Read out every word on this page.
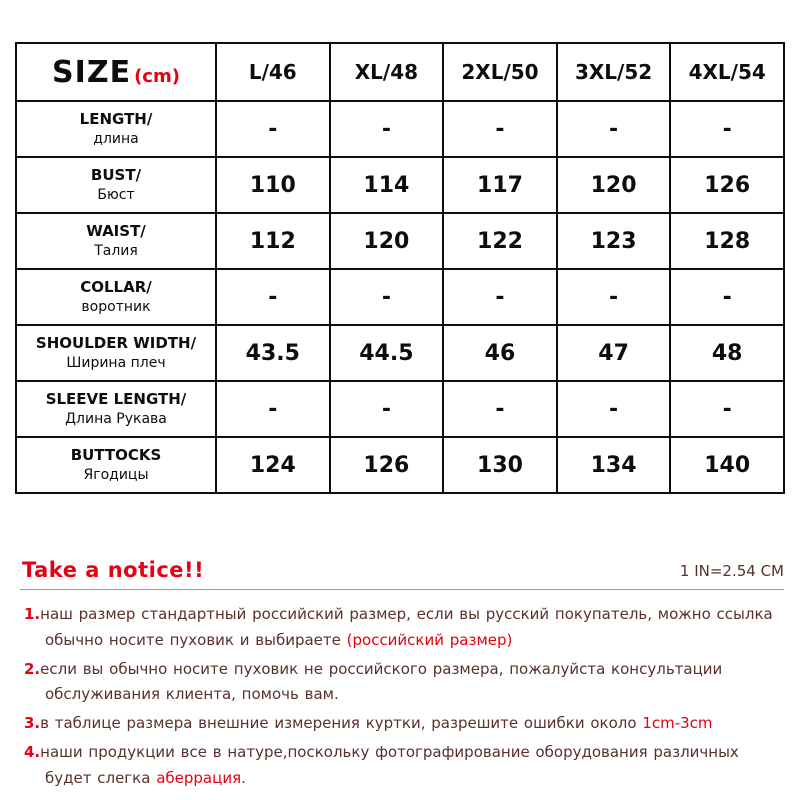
SIZE (cm)	L/46	XL/48	2XL/50	3XL/52	4XL/54

LENGTH/
длина	-	-	-	-	-

BUST/
Бюст	110	114	117	120	126

WAIST/
Талия	112	120	122	123	128

COLLAR/
воротник	-	-	-	-	-

SHOULDER WIDTH/
Ширина плеч	43.5	44.5	46	47	48

SLEEVE LENGTH/
Длина Рукава	-	-	-	-	-

BUTTOCKS
Ягодицы	124	126	130	134	140
Take a notice!!	1 IN=2.54 CM

1.наш размер стандартный российский размер, если вы русский покупатель, можно ссылка обычно носите пуховик и выбираете (российский размер)

2.если вы обычно носите пуховик не российского размера, пожалуйста консультации обслуживания клиента, помочь вам.

3.в таблице размера внешние измерения куртки, разрешите ошибки около 1cm-3cm

4.наши продукции все в натуре,поскольку фотографирование оборудования различных будет слегка аберрация.
